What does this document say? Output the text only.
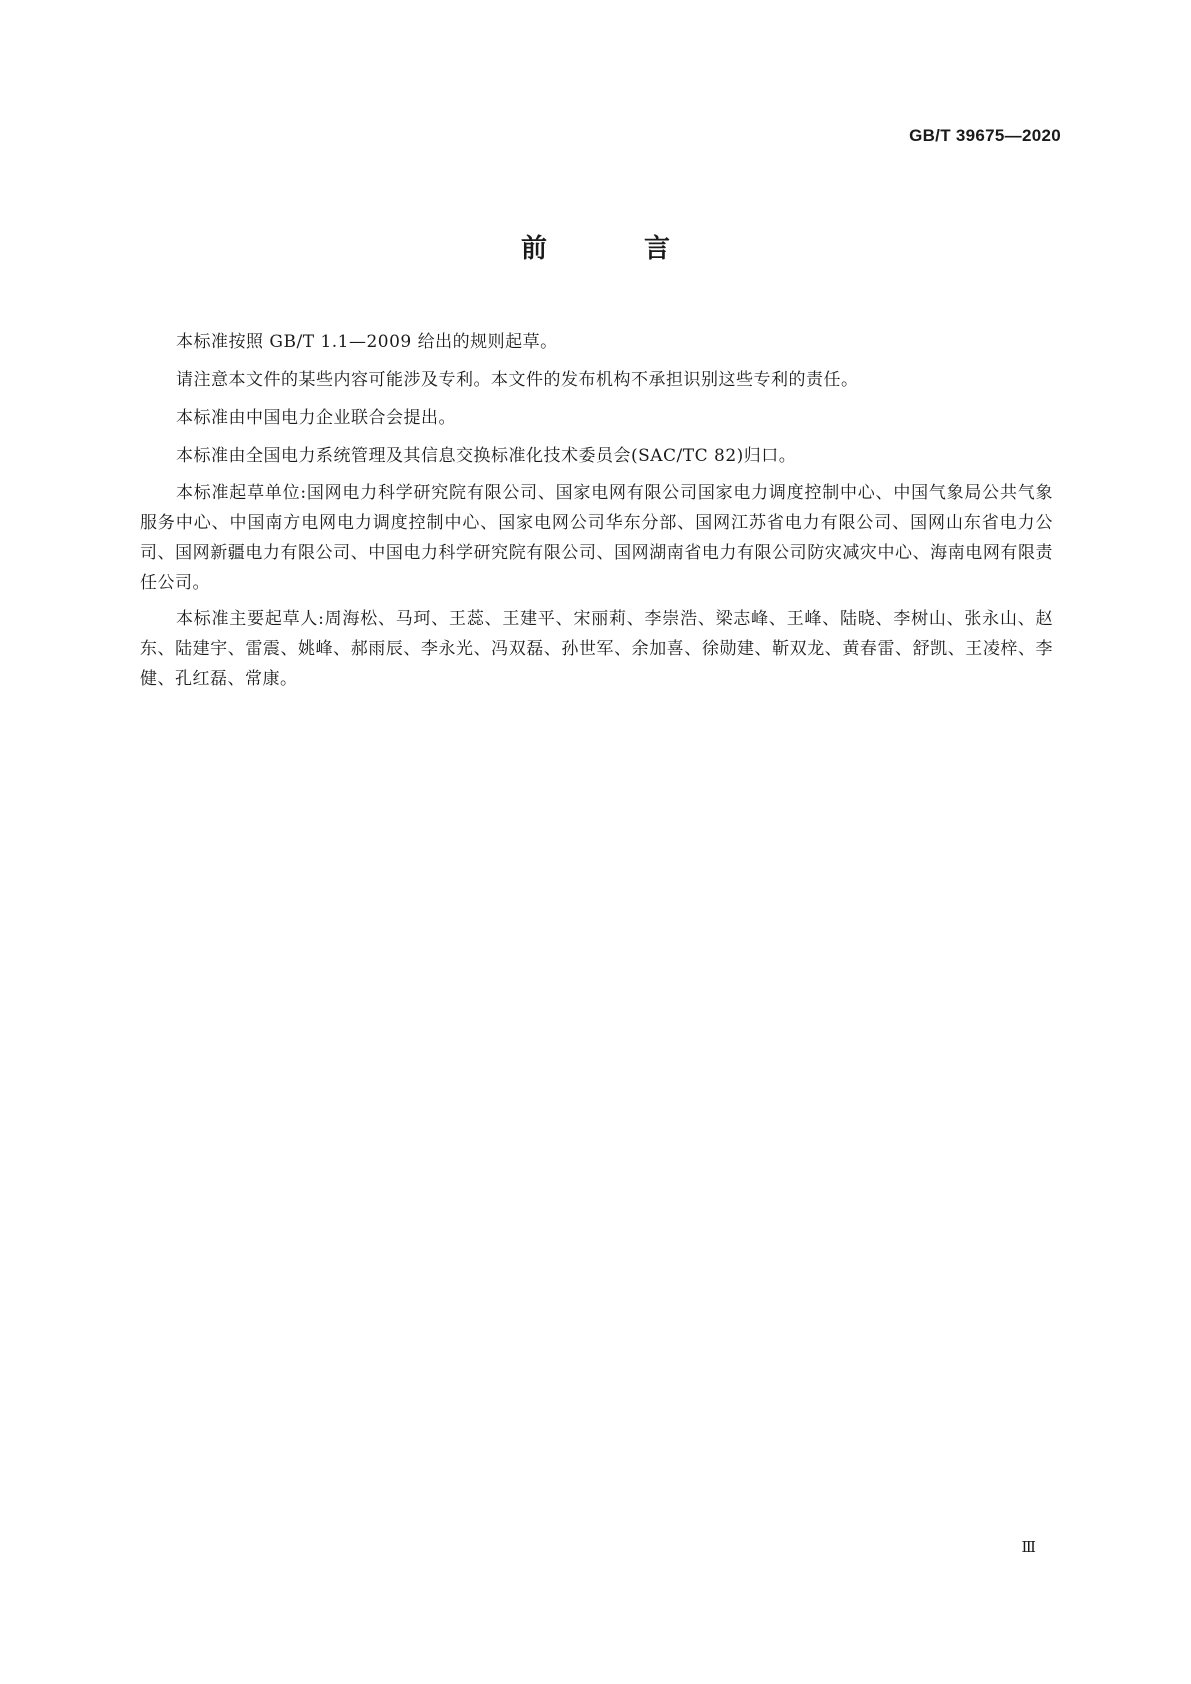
GB/T 39675—2020

前 言

本标准按照 GB/T 1.1—2009 给出的规则起草。

请注意本文件的某些内容可能涉及专利。本文件的发布机构不承担识别这些专利的责任。

本标准由中国电力企业联合会提出。

本标准由全国电力系统管理及其信息交换标准化技术委员会(SAC/TC 82)归口。

本标准起草单位:国网电力科学研究院有限公司、国家电网有限公司国家电力调度控制中心、中国气象局公共气象服务中心、中国南方电网电力调度控制中心、国家电网公司华东分部、国网江苏省电力有限公司、国网山东省电力公司、国网新疆电力有限公司、中国电力科学研究院有限公司、国网湖南省电力有限公司防灾减灾中心、海南电网有限责任公司。

本标准主要起草人:周海松、马珂、王蕊、王建平、宋丽莉、李崇浩、梁志峰、王峰、陆晓、李树山、张永山、赵东、陆建宇、雷震、姚峰、郝雨辰、李永光、冯双磊、孙世军、余加喜、徐勋建、靳双龙、黄春雷、舒凯、王凌梓、李健、孔红磊、常康。

Ⅲ
